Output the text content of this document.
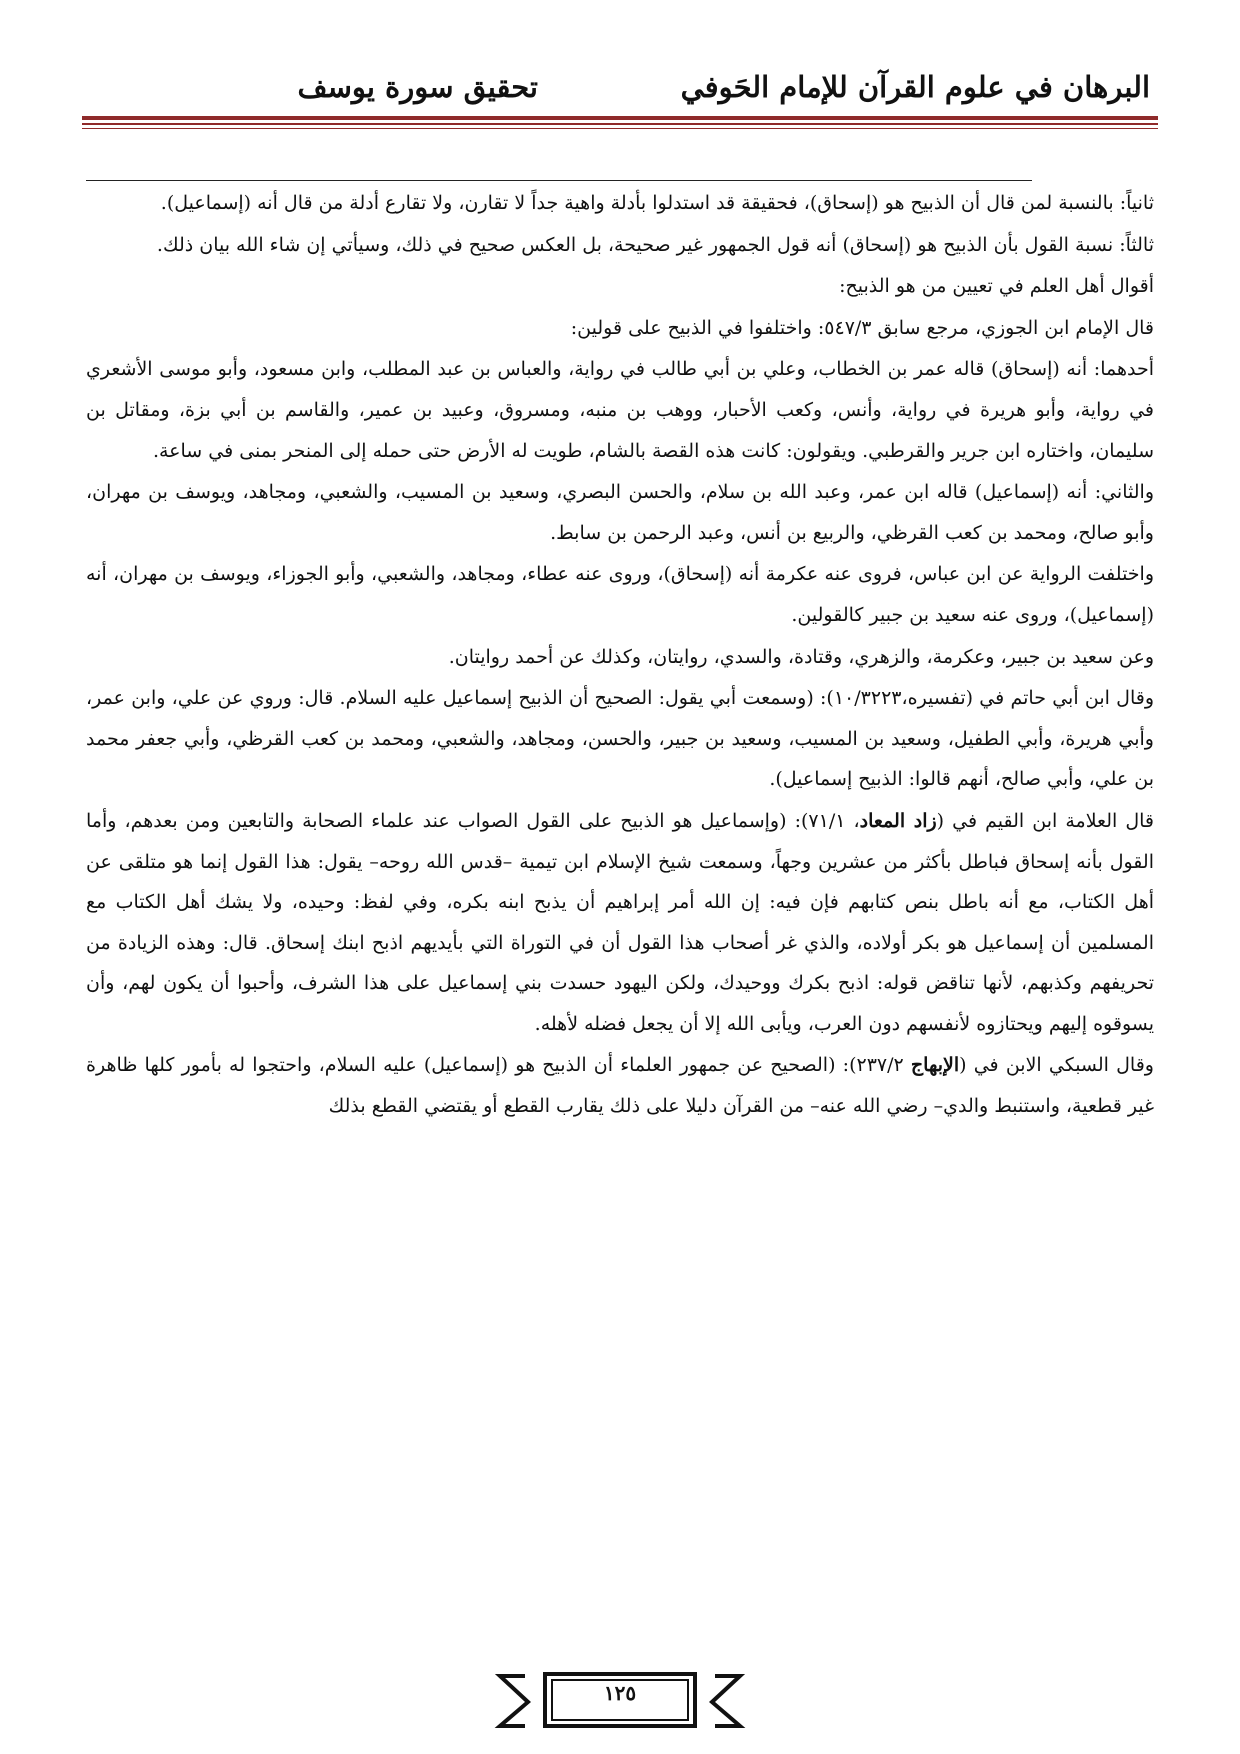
البرهان في علوم القرآن للإمام الحَوفي
تحقيق سورة يوسف

ثانياً: بالنسبة لمن قال أن الذبيح هو (إسحاق)، فحقيقة قد استدلوا بأدلة واهية جداً لا تقارن، ولا تقارع أدلة من قال أنه (إسماعيل).

ثالثاً: نسبة القول بأن الذبيح هو (إسحاق) أنه قول الجمهور غير صحيحة، بل العكس صحيح في ذلك، وسيأتي إن شاء الله بيان ذلك.

أقوال أهل العلم في تعيين من هو الذبيح:

قال الإمام ابن الجوزي، مرجع سابق ٥٤٧/٣: واختلفوا في الذبيح على قولين:

أحدهما: أنه (إسحاق) قاله عمر بن الخطاب، وعلي بن أبي طالب في رواية، والعباس بن عبد المطلب، وابن مسعود، وأبو موسى الأشعري في رواية، وأبو هريرة في رواية، وأنس، وكعب الأحبار، ووهب بن منبه، ومسروق، وعبيد بن عمير، والقاسم بن أبي بزة، ومقاتل بن سليمان، واختاره ابن جرير والقرطبي. ويقولون: كانت هذه القصة بالشام، طويت له الأرض حتى حمله إلى المنحر بمنى في ساعة.

والثاني: أنه (إسماعيل) قاله ابن عمر، وعبد الله بن سلام، والحسن البصري، وسعيد بن المسيب، والشعبي، ومجاهد، ويوسف بن مهران، وأبو صالح، ومحمد بن كعب القرظي، والربيع بن أنس، وعبد الرحمن بن سابط.

واختلفت الرواية عن ابن عباس، فروى عنه عكرمة أنه (إسحاق)، وروى عنه عطاء، ومجاهد، والشعبي، وأبو الجوزاء، ويوسف بن مهران، أنه (إسماعيل)، وروى عنه سعيد بن جبير كالقولين.

وعن سعيد بن جبير، وعكرمة، والزهري، وقتادة، والسدي، روايتان، وكذلك عن أحمد روايتان.

وقال ابن أبي حاتم في (تفسيره،١٠/٣٢٢٣): (وسمعت أبي يقول: الصحيح أن الذبيح إسماعيل عليه السلام. قال: وروي عن علي، وابن عمر، وأبي هريرة، وأبي الطفيل، وسعيد بن المسيب، وسعيد بن جبير، والحسن، ومجاهد، والشعبي، ومحمد بن كعب القرظي، وأبي جعفر محمد بن علي، وأبي صالح، أنهم قالوا: الذبيح إسماعيل).

قال العلامة ابن القيم في (زاد المعاد، ٧١/١): (وإسماعيل هو الذبيح على القول الصواب عند علماء الصحابة والتابعين ومن بعدهم، وأما القول بأنه إسحاق فباطل بأكثر من عشرين وجهاً، وسمعت شيخ الإسلام ابن تيمية –قدس الله روحه– يقول: هذا القول إنما هو متلقى عن أهل الكتاب، مع أنه باطل بنص كتابهم فإن فيه: إن الله أمر إبراهيم أن يذبح ابنه بكره، وفي لفظ: وحيده، ولا يشك أهل الكتاب مع المسلمين أن إسماعيل هو بكر أولاده، والذي غر أصحاب هذا القول أن في التوراة التي بأيديهم اذبح ابنك إسحاق. قال: وهذه الزيادة من تحريفهم وكذبهم، لأنها تناقض قوله: اذبح بكرك ووحيدك، ولكن اليهود حسدت بني إسماعيل على هذا الشرف، وأحبوا أن يكون لهم، وأن يسوقوه إليهم ويحتازوه لأنفسهم دون العرب، ويأبى الله إلا أن يجعل فضله لأهله.

وقال السبكي الابن في (الإبهاج ٢٣٧/٢): (الصحيح عن جمهور العلماء أن الذبيح هو (إسماعيل) عليه السلام، واحتجوا له بأمور كلها ظاهرة غير قطعية، واستنبط والدي– رضي الله عنه– من القرآن دليلا على ذلك يقارب القطع أو يقتضي القطع بذلك

١٢٥
